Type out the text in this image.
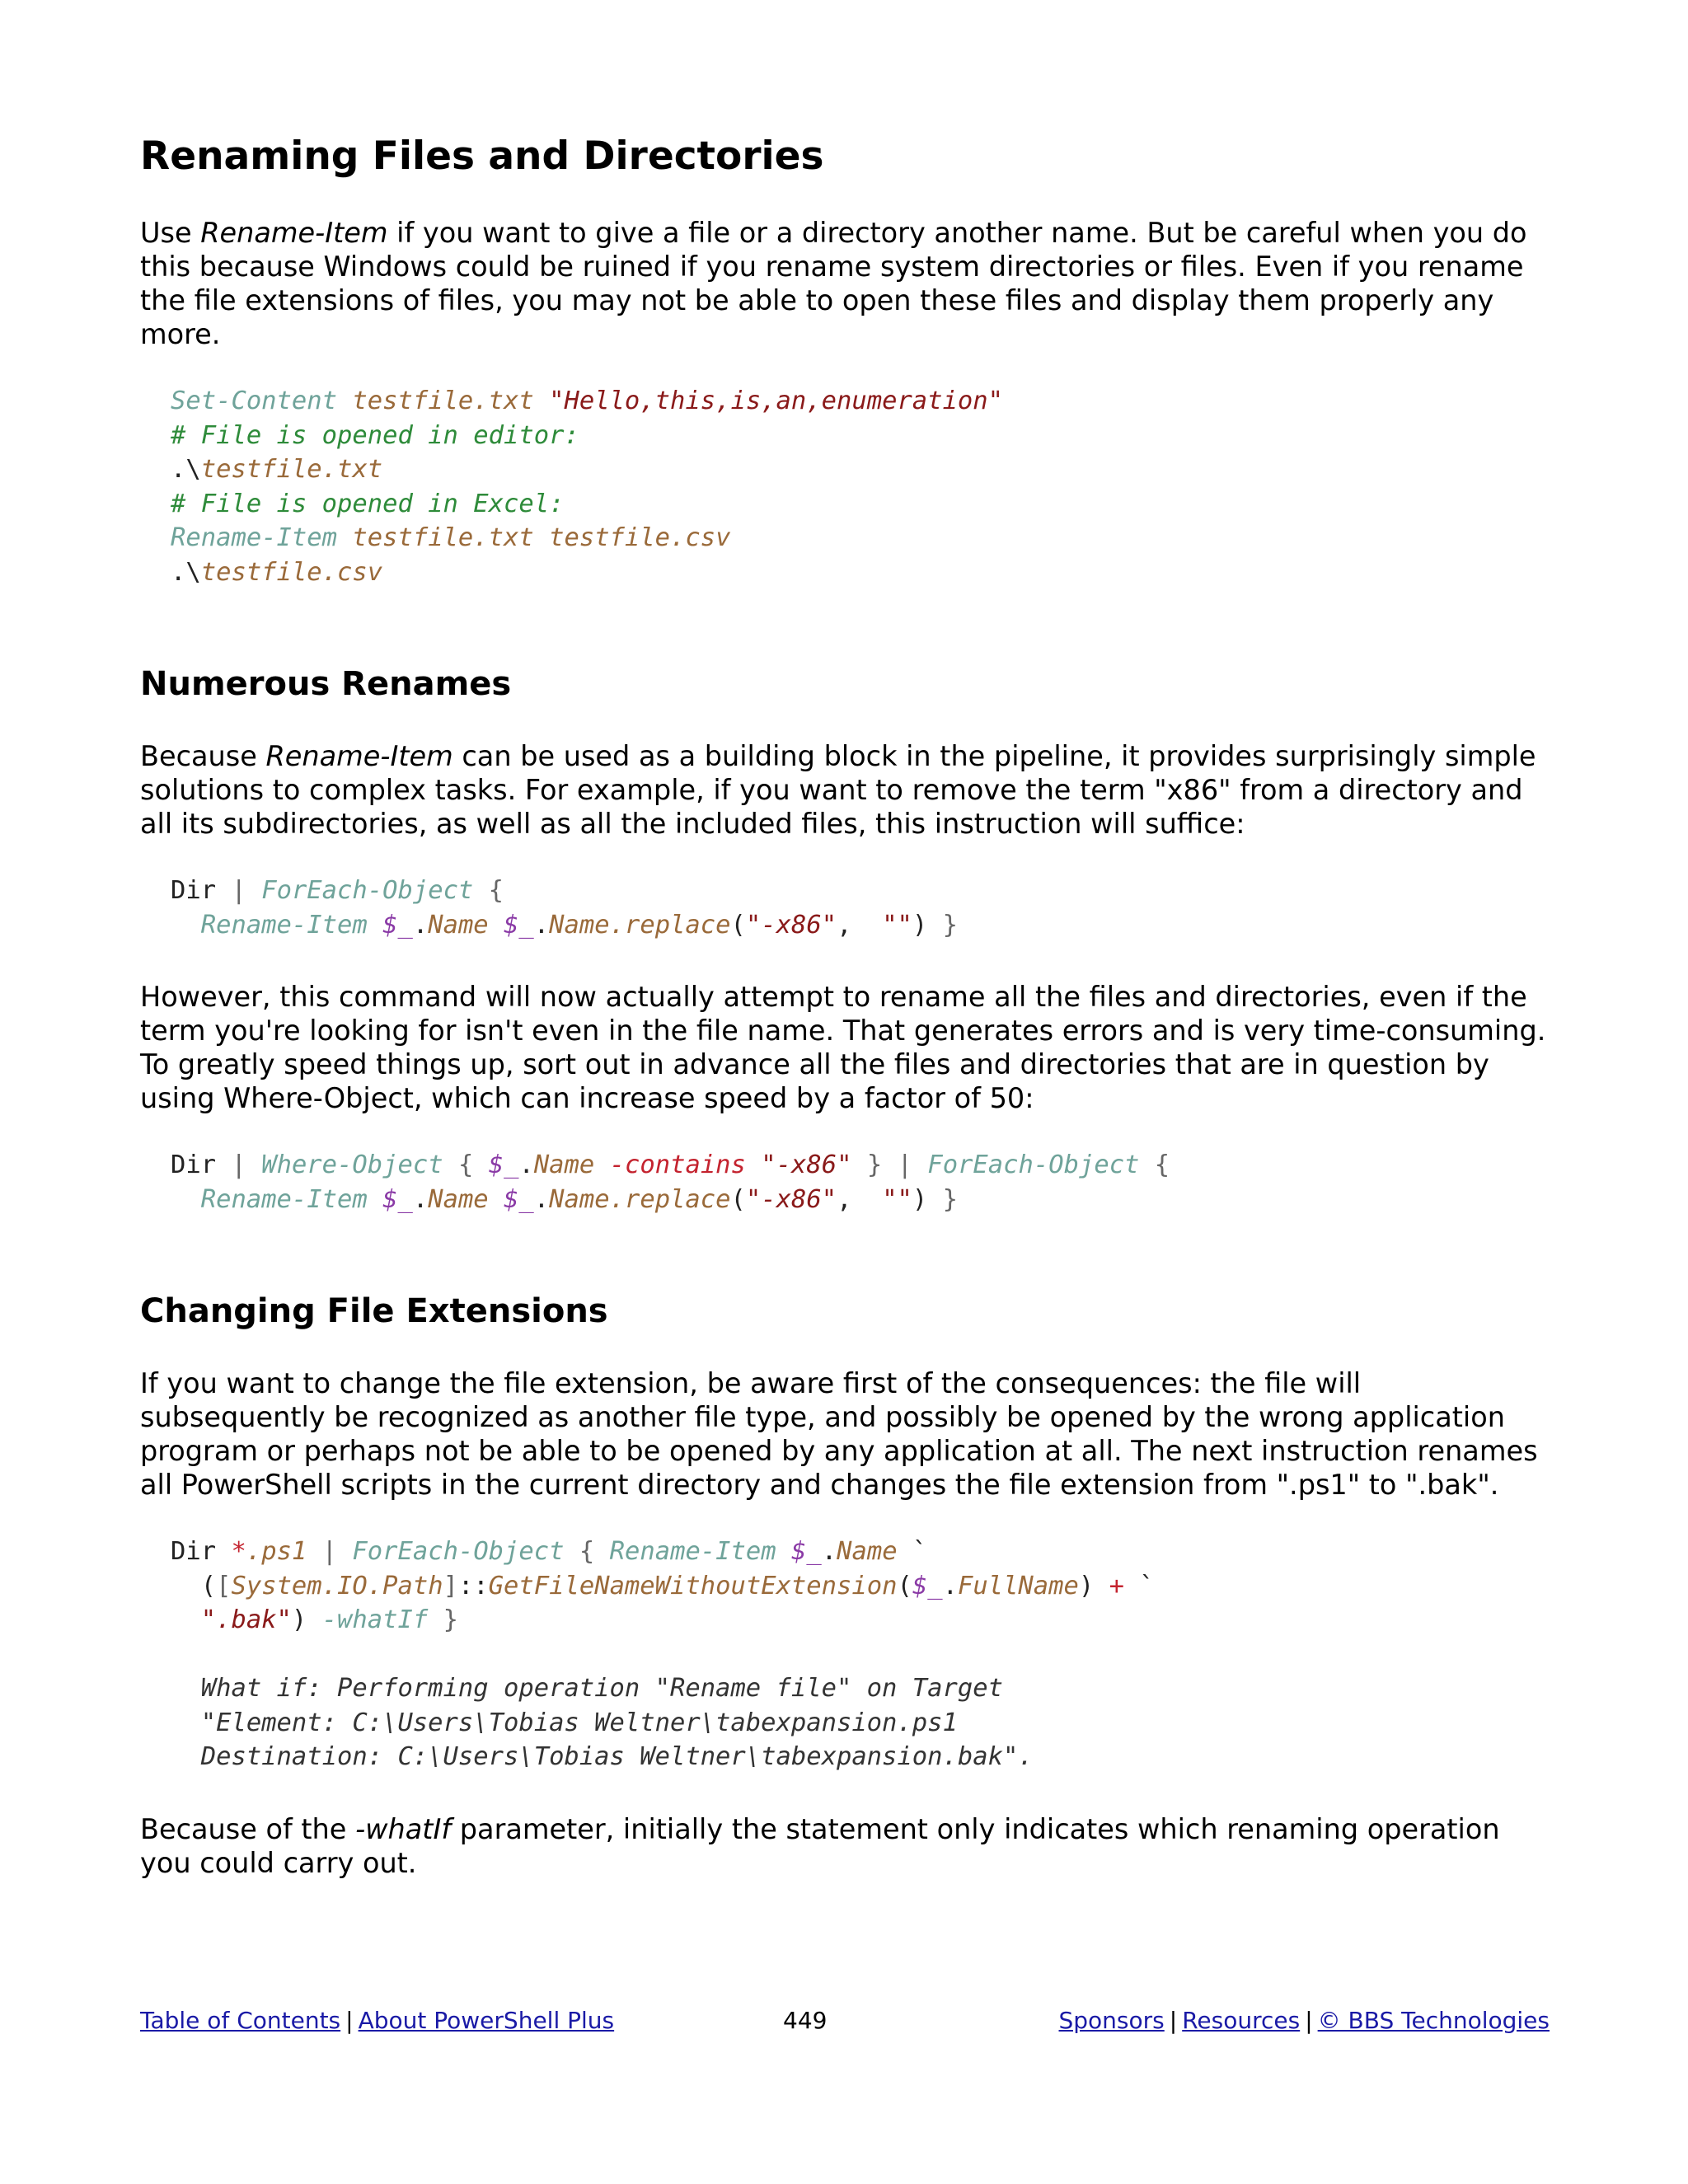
Renaming Files and Directories

Use Rename-Item if you want to give a file or a directory another name. But be careful when you do this because Windows could be ruined if you rename system directories or files. Even if you rename the file extensions of files, you may not be able to open these files and display them properly any more.

Set-Content testfile.txt "Hello,this,is,an,enumeration"
# File is opened in editor:
.\testfile.txt
# File is opened in Excel:
Rename-Item testfile.txt testfile.csv
.\testfile.csv
Numerous Renames

Because Rename-Item can be used as a building block in the pipeline, it provides surprisingly simple solutions to complex tasks. For example, if you want to remove the term "x86" from a directory and all its subdirectories, as well as all the included files, this instruction will suffice:

Dir | ForEach-Object {
Rename-Item $_.Name $_.Name.replace("-x86", "") }

However, this command will now actually attempt to rename all the files and directories, even if the term you're looking for isn't even in the file name. That generates errors and is very time-consuming. To greatly speed things up, sort out in advance all the files and directories that are in question by using Where-Object, which can increase speed by a factor of 50:

Dir | Where-Object { $_.Name -contains "-x86" } | ForEach-Object {
Rename-Item $_.Name $_.Name.replace("-x86", "") }
Changing File Extensions

If you want to change the file extension, be aware first of the consequences: the file will subsequently be recognized as another file type, and possibly be opened by the wrong application program or perhaps not be able to be opened by any application at all. The next instruction renames all PowerShell scripts in the current directory and changes the file extension from ".ps1" to ".bak".

Dir *.ps1 | ForEach-Object { Rename-Item $_.Name `
([System.IO.Path]::GetFileNameWithoutExtension($_.FullName) + `
".bak") -whatIf }

What if: Performing operation "Rename file" on Target
"Element: C:\Users\Tobias Weltner\tabexpansion.ps1
Destination: C:\Users\Tobias Weltner\tabexpansion.bak".

Because of the -whatIf parameter, initially the statement only indicates which renaming operation you could carry out.

Table of Contents | About PowerShell Plus	449	Sponsors | Resources | © BBS Technologies
